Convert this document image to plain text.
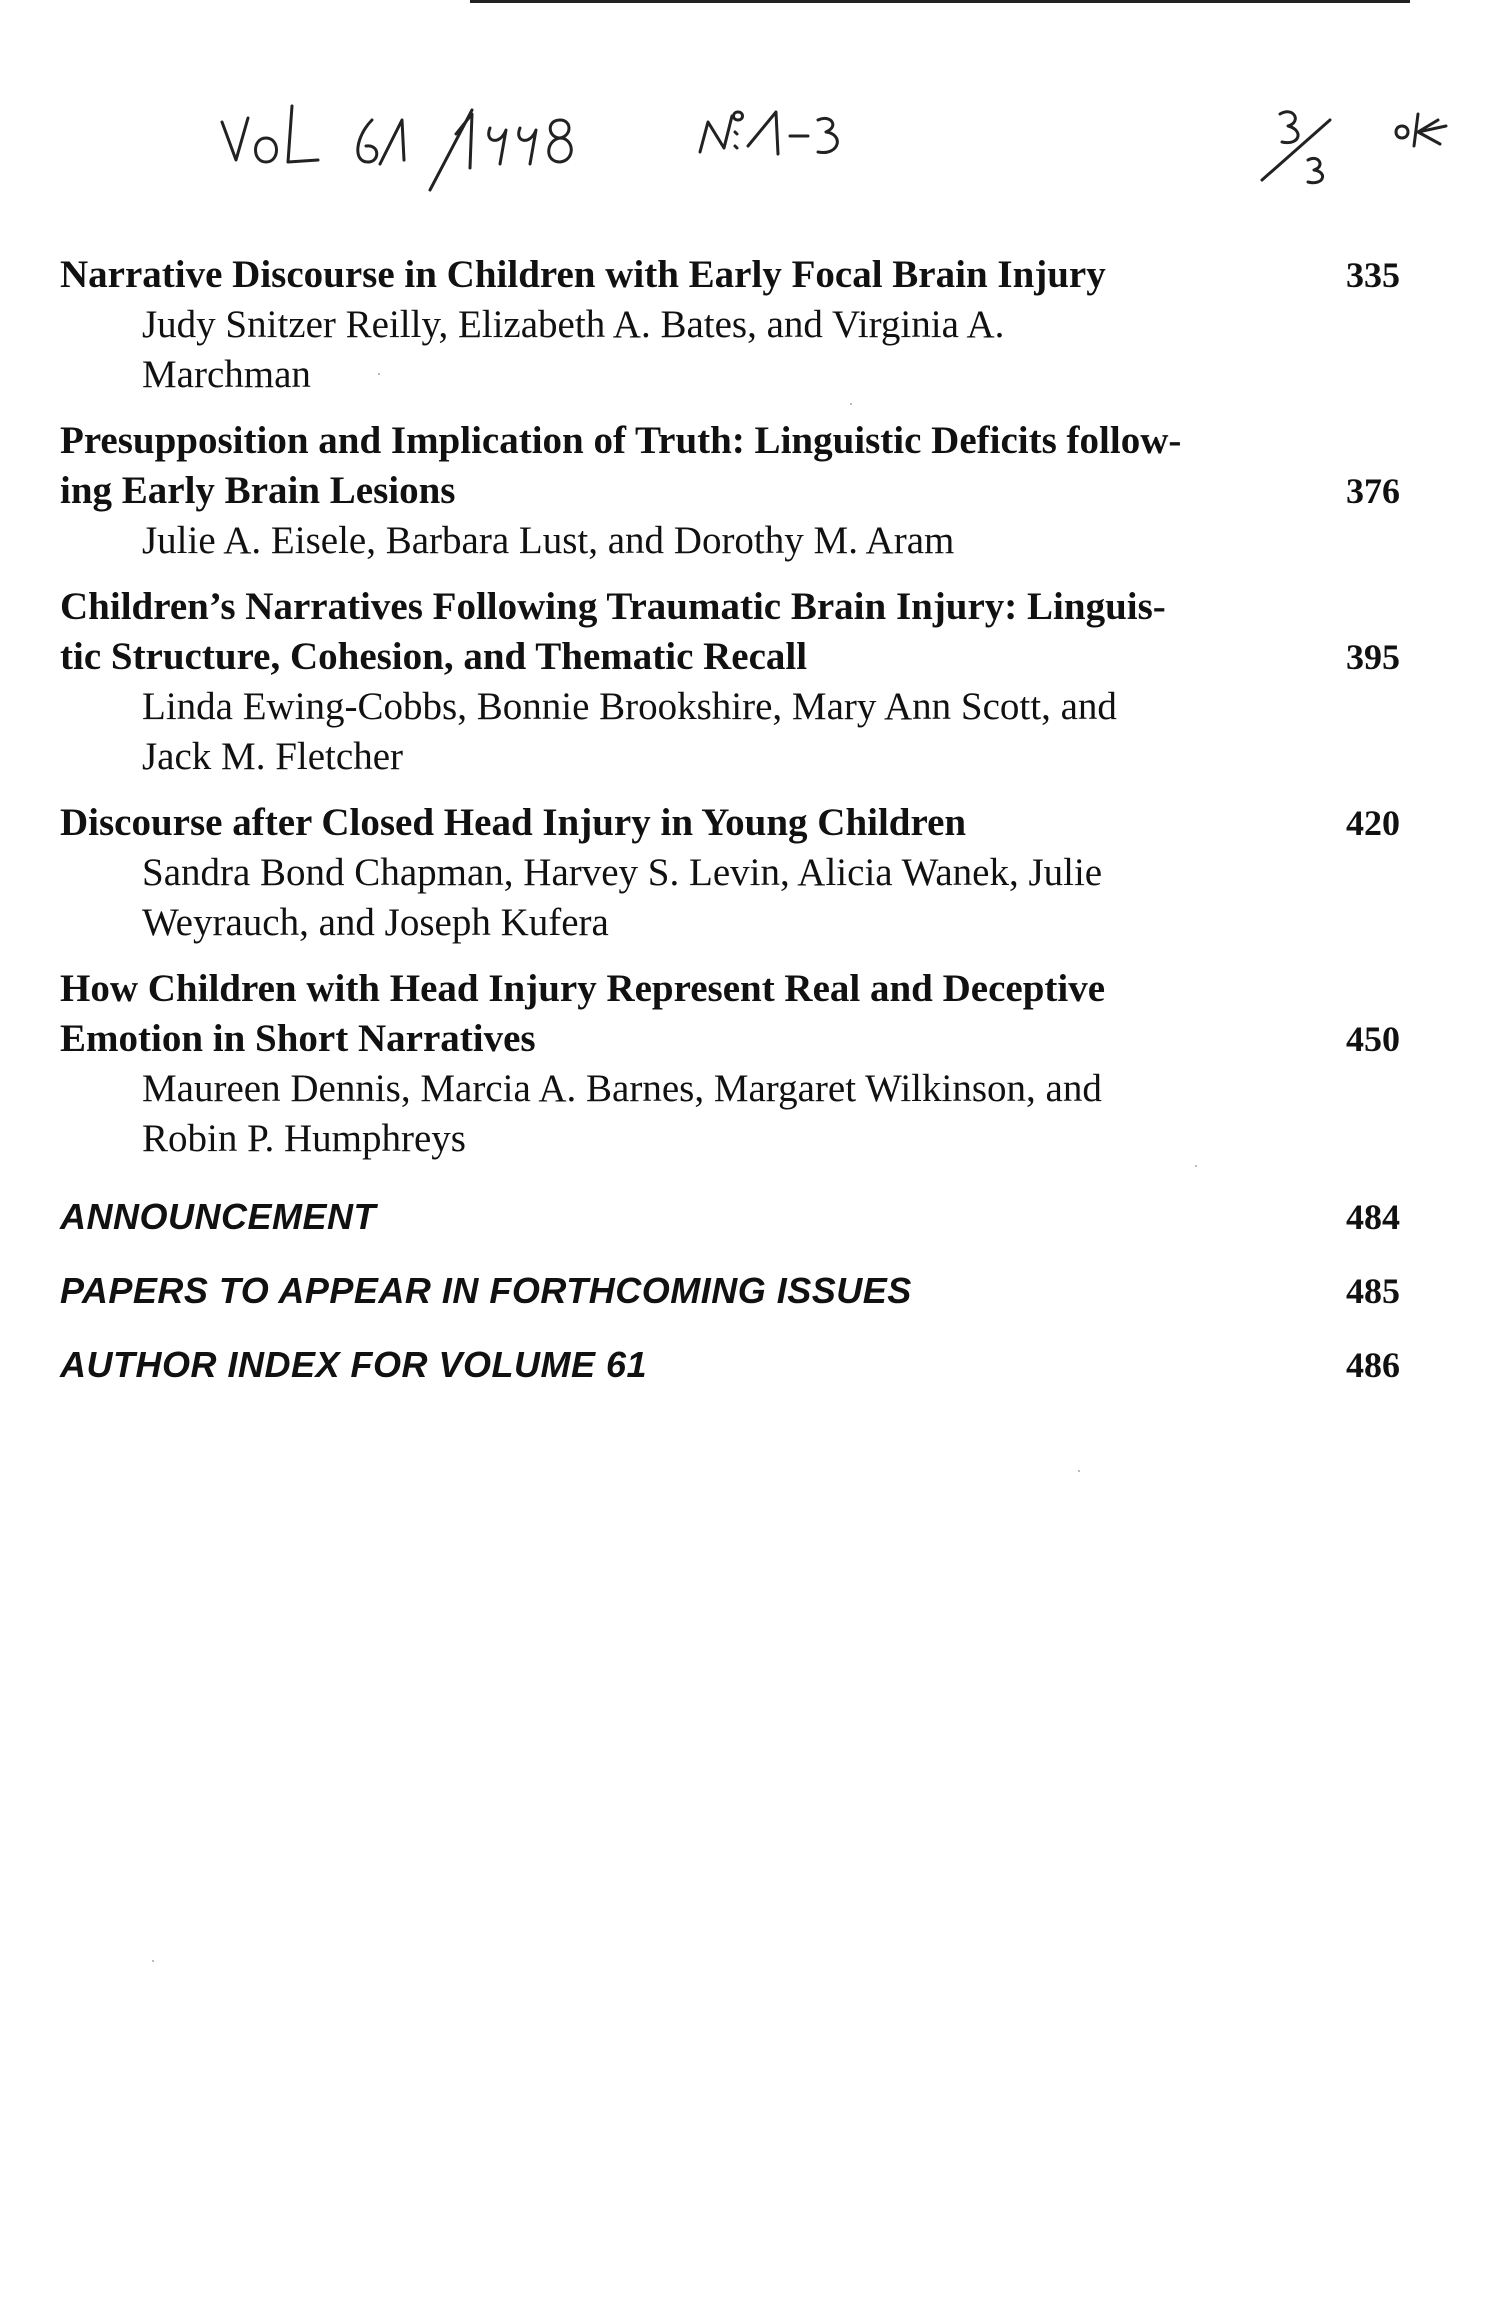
Narrative Discourse in Children with Early Focal Brain Injury	335
Judy Snitzer Reilly, Elizabeth A. Bates, and Virginia A.
Marchman
Presupposition and Implication of Truth: Linguistic Deficits follow-
ing Early Brain Lesions	376
Julie A. Eisele, Barbara Lust, and Dorothy M. Aram
Children’s Narratives Following Traumatic Brain Injury: Linguis-
tic Structure, Cohesion, and Thematic Recall	395
Linda Ewing-Cobbs, Bonnie Brookshire, Mary Ann Scott, and
Jack M. Fletcher
Discourse after Closed Head Injury in Young Children	420
Sandra Bond Chapman, Harvey S. Levin, Alicia Wanek, Julie
Weyrauch, and Joseph Kufera
How Children with Head Injury Represent Real and Deceptive
Emotion in Short Narratives	450
Maureen Dennis, Marcia A. Barnes, Margaret Wilkinson, and
Robin P. Humphreys
ANNOUNCEMENT	484
PAPERS TO APPEAR IN FORTHCOMING ISSUES	485
AUTHOR INDEX FOR VOLUME 61	486
